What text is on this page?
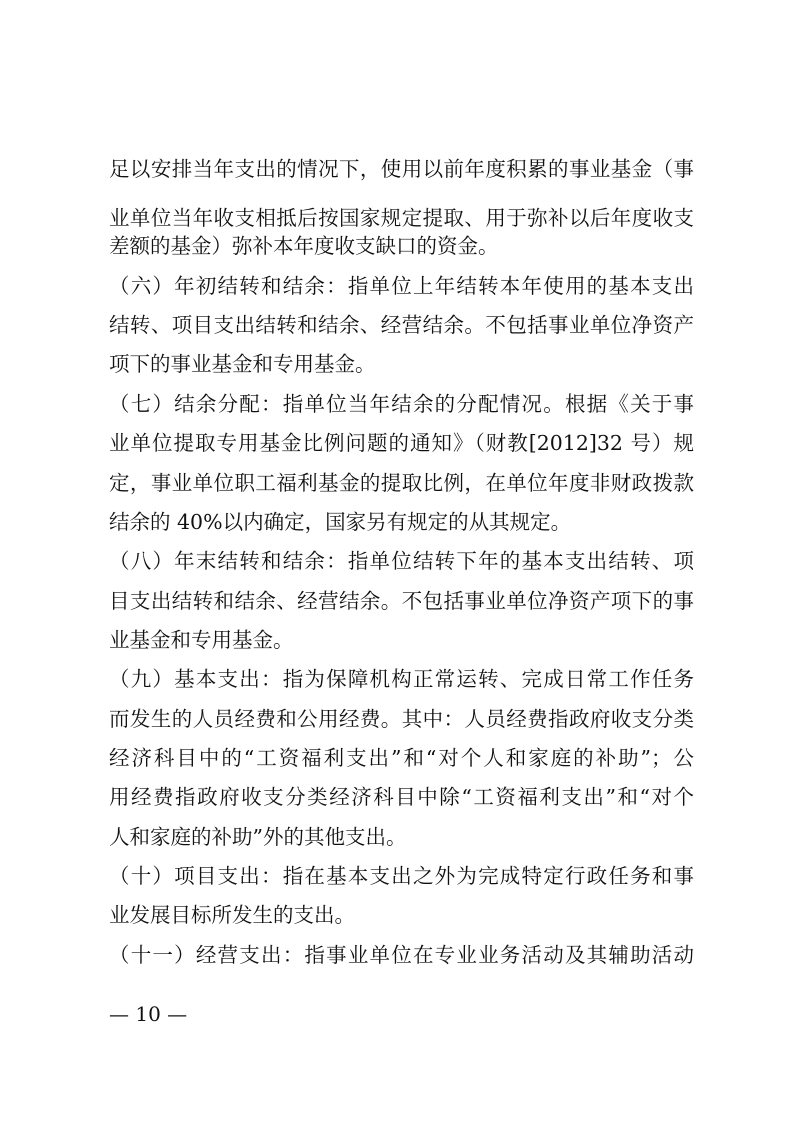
足以安排当年支出的情况下，使用以前年度积累的事业基金（事
业单位当年收支相抵后按国家规定提取、用于弥补以后年度收支
差额的基金）弥补本年度收支缺口的资金。
（六）年初结转和结余：指单位上年结转本年使用的基本支出
结转、项目支出结转和结余、经营结余。不包括事业单位净资产
项下的事业基金和专用基金。
（七）结余分配：指单位当年结余的分配情况。根据《关于事
业单位提取专用基金比例问题的通知》（财教[2012]32 号）规
定，事业单位职工福利基金的提取比例，在单位年度非财政拨款
结余的 40%以内确定，国家另有规定的从其规定。
（八）年末结转和结余：指单位结转下年的基本支出结转、项
目支出结转和结余、经营结余。不包括事业单位净资产项下的事
业基金和专用基金。
（九）基本支出：指为保障机构正常运转、完成日常工作任务
而发生的人员经费和公用经费。其中：人员经费指政府收支分类
经济科目中的“工资福利支出”和“对个人和家庭的补助”；公
用经费指政府收支分类经济科目中除“工资福利支出”和“对个
人和家庭的补助”外的其他支出。
（十）项目支出：指在基本支出之外为完成特定行政任务和事
业发展目标所发生的支出。
（十一）经营支出：指事业单位在专业业务活动及其辅助活动
— 10 —
